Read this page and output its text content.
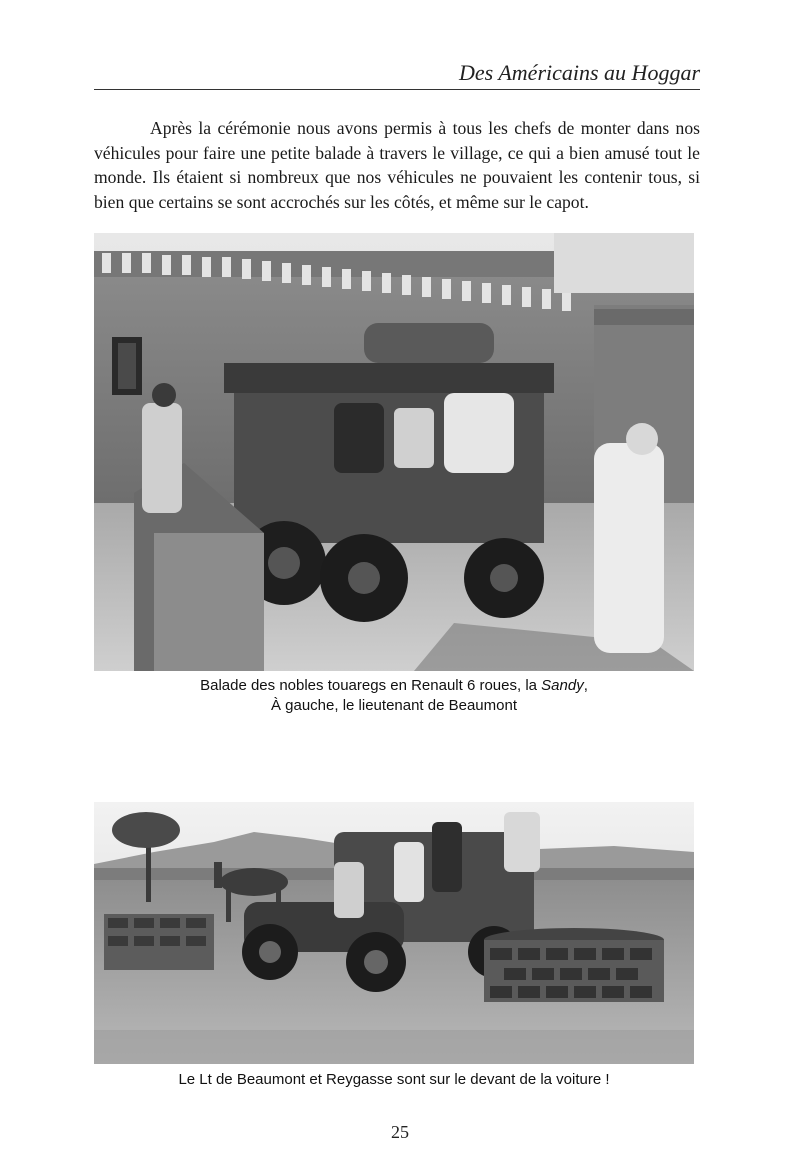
Des Américains au Hoggar
Après la cérémonie nous avons permis à tous les chefs de monter dans nos véhicules pour faire une petite balade à travers le village, ce qui a bien amusé tout le monde. Ils étaient si nombreux que nos véhicules ne pouvaient les contenir tous, si bien que certains se sont accrochés sur les côtés, et même sur le capot.
Balade des nobles touaregs en Renault 6 roues, la Sandy,
À gauche, le lieutenant de Beaumont
Le Lt de Beaumont et Reygasse sont sur le devant de la voiture !
25
